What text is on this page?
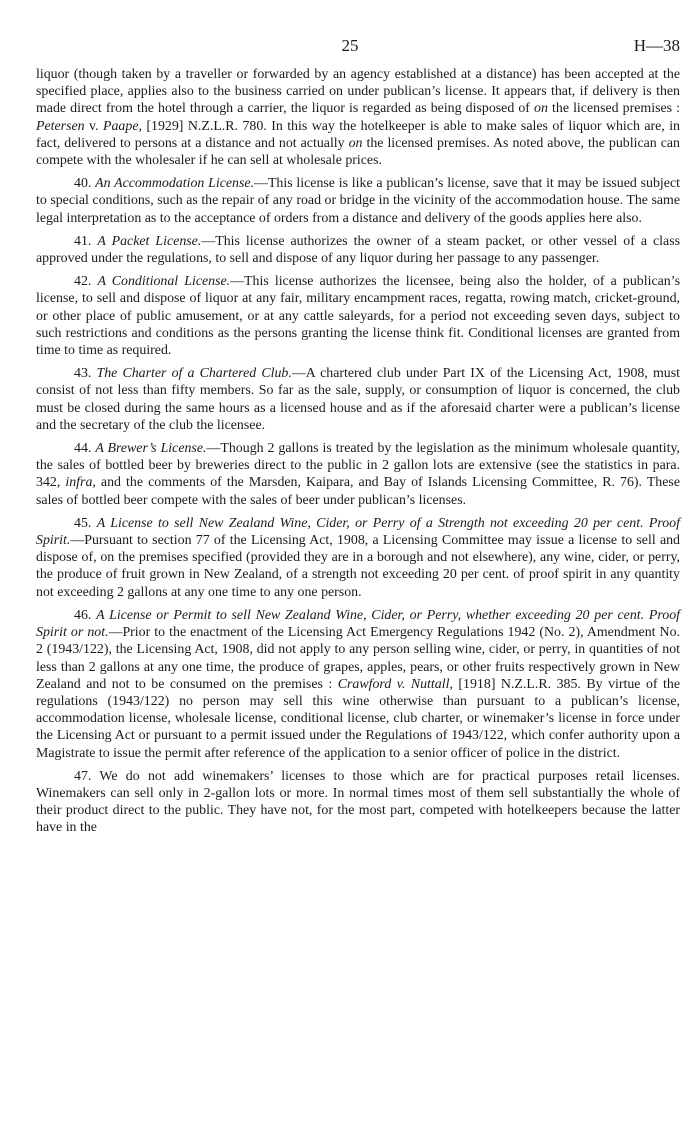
25	H—38

liquor (though taken by a traveller or forwarded by an agency established at a distance) has been accepted at the specified place, applies also to the business carried on under publican’s license. It appears that, if delivery is then made direct from the hotel through a carrier, the liquor is regarded as being disposed of on the licensed premises : Petersen v. Paape, [1929] N.Z.L.R. 780. In this way the hotelkeeper is able to make sales of liquor which are, in fact, delivered to persons at a distance and not actually on the licensed premises. As noted above, the publican can compete with the wholesaler if he can sell at wholesale prices.

40. An Accommodation License.—This license is like a publican’s license, save that it may be issued subject to special conditions, such as the repair of any road or bridge in the vicinity of the accommodation house. The same legal interpretation as to the acceptance of orders from a distance and delivery of the goods applies here also.

41. A Packet License.—This license authorizes the owner of a steam packet, or other vessel of a class approved under the regulations, to sell and dispose of any liquor during her passage to any passenger.

42. A Conditional License.—This license authorizes the licensee, being also the holder, of a publican’s license, to sell and dispose of liquor at any fair, military encampment races, regatta, rowing match, cricket-ground, or other place of public amusement, or at any cattle saleyards, for a period not exceeding seven days, subject to such restrictions and conditions as the persons granting the license think fit. Conditional licenses are granted from time to time as required.

43. The Charter of a Chartered Club.—A chartered club under Part IX of the Licensing Act, 1908, must consist of not less than fifty members. So far as the sale, supply, or consumption of liquor is concerned, the club must be closed during the same hours as a licensed house and as if the aforesaid charter were a publican’s license and the secretary of the club the licensee.

44. A Brewer’s License.—Though 2 gallons is treated by the legislation as the minimum wholesale quantity, the sales of bottled beer by breweries direct to the public in 2 gallon lots are extensive (see the statistics in para. 342, infra, and the comments of the Marsden, Kaipara, and Bay of Islands Licensing Committee, R. 76). These sales of bottled beer compete with the sales of beer under publican’s licenses.

45. A License to sell New Zealand Wine, Cider, or Perry of a Strength not exceeding 20 per cent. Proof Spirit.—Pursuant to section 77 of the Licensing Act, 1908, a Licensing Committee may issue a license to sell and dispose of, on the premises specified (provided they are in a borough and not elsewhere), any wine, cider, or perry, the produce of fruit grown in New Zealand, of a strength not exceeding 20 per cent. of proof spirit in any quantity not exceeding 2 gallons at any one time to any one person.

46. A License or Permit to sell New Zealand Wine, Cider, or Perry, whether exceeding 20 per cent. Proof Spirit or not.—Prior to the enactment of the Licensing Act Emergency Regulations 1942 (No. 2), Amendment No. 2 (1943/122), the Licensing Act, 1908, did not apply to any person selling wine, cider, or perry, in quantities of not less than 2 gallons at any one time, the produce of grapes, apples, pears, or other fruits respectively grown in New Zealand and not to be consumed on the premises : Crawford v. Nuttall, [1918] N.Z.L.R. 385. By virtue of the regulations (1943/122) no person may sell this wine otherwise than pursuant to a publican’s license, accommodation license, wholesale license, conditional license, club charter, or winemaker’s license in force under the Licensing Act or pursuant to a permit issued under the Regulations of 1943/122, which confer authority upon a Magistrate to issue the permit after reference of the application to a senior officer of police in the district.

47. We do not add winemakers’ licenses to those which are for practical purposes retail licenses. Winemakers can sell only in 2-gallon lots or more. In normal times most of them sell substantially the whole of their product direct to the public. They have not, for the most part, competed with hotelkeepers because the latter have in the
